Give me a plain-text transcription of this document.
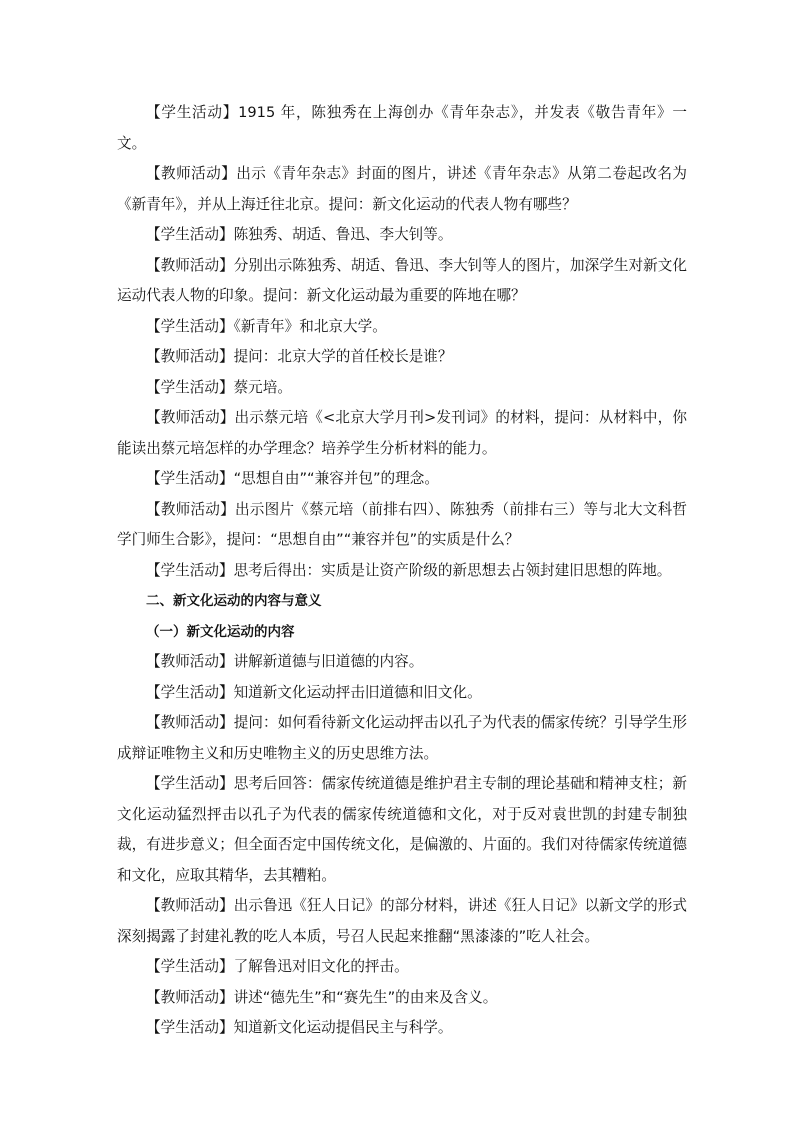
【学生活动】1915 年，陈独秀在上海创办《青年杂志》，并发表《敬告青年》一文。

【教师活动】出示《青年杂志》封面的图片，讲述《青年杂志》从第二卷起改名为《新青年》，并从上海迁往北京。提问：新文化运动的代表人物有哪些？

【学生活动】陈独秀、胡适、鲁迅、李大钊等。

【教师活动】分别出示陈独秀、胡适、鲁迅、李大钊等人的图片，加深学生对新文化运动代表人物的印象。提问：新文化运动最为重要的阵地在哪？

【学生活动】《新青年》和北京大学。

【教师活动】提问：北京大学的首任校长是谁？

【学生活动】蔡元培。

【教师活动】出示蔡元培《<北京大学月刊>发刊词》的材料，提问：从材料中，你能读出蔡元培怎样的办学理念？培养学生分析材料的能力。

【学生活动】“思想自由”“兼容并包”的理念。

【教师活动】出示图片《蔡元培（前排右四）、陈独秀（前排右三）等与北大文科哲学门师生合影》，提问：“思想自由”“兼容并包”的实质是什么？

【学生活动】思考后得出：实质是让资产阶级的新思想去占领封建旧思想的阵地。

二、新文化运动的内容与意义

（一）新文化运动的内容

【教师活动】讲解新道德与旧道德的内容。

【学生活动】知道新文化运动抨击旧道德和旧文化。

【教师活动】提问：如何看待新文化运动抨击以孔子为代表的儒家传统？引导学生形成辩证唯物主义和历史唯物主义的历史思维方法。

【学生活动】思考后回答：儒家传统道德是维护君主专制的理论基础和精神支柱；新文化运动猛烈抨击以孔子为代表的儒家传统道德和文化，对于反对袁世凯的封建专制独裁，有进步意义；但全面否定中国传统文化，是偏激的、片面的。我们对待儒家传统道德和文化，应取其精华，去其糟粕。

【教师活动】出示鲁迅《狂人日记》的部分材料，讲述《狂人日记》以新文学的形式深刻揭露了封建礼教的吃人本质，号召人民起来推翻“黑漆漆的”吃人社会。

【学生活动】了解鲁迅对旧文化的抨击。

【教师活动】讲述“德先生”和“赛先生”的由来及含义。

【学生活动】知道新文化运动提倡民主与科学。
